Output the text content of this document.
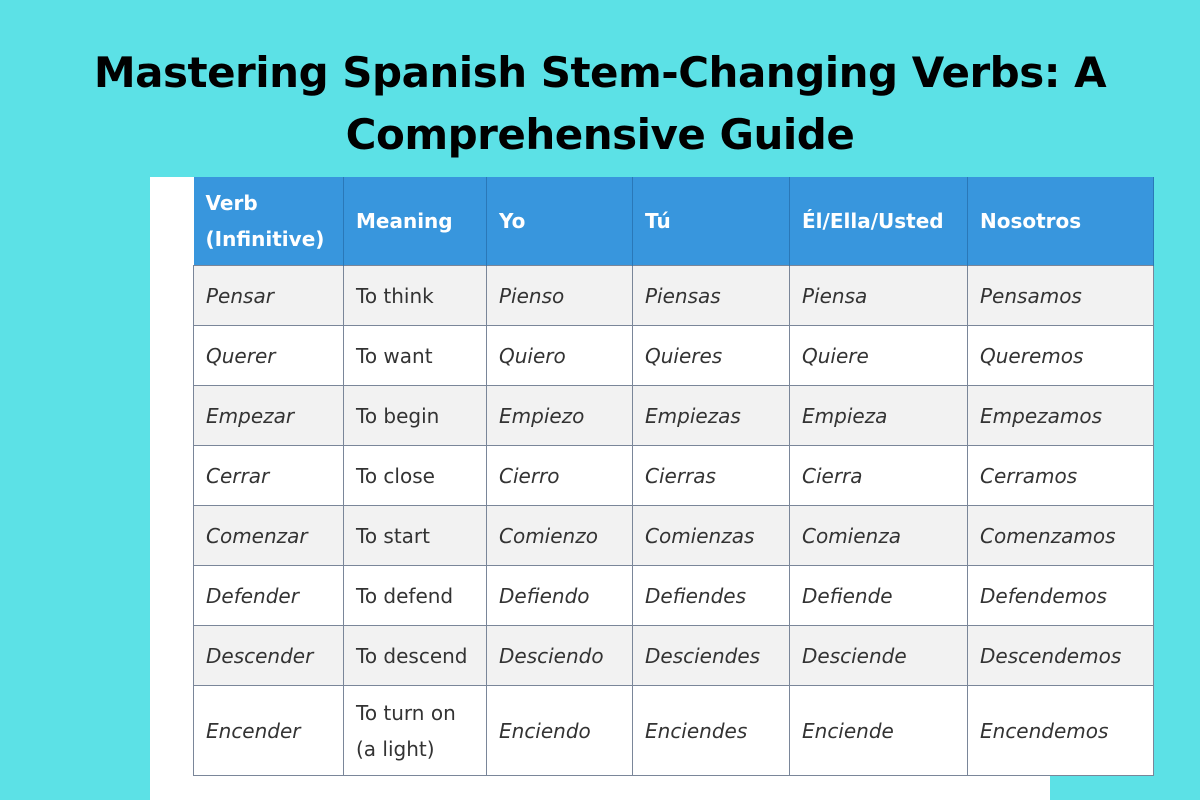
Mastering Spanish Stem-Changing Verbs: A Comprehensive Guide
Verb (Infinitive)	Meaning	Yo	Tú	Él/Ella/Usted	Nosotros
Pensar	To think	Pienso	Piensas	Piensa	Pensamos
Querer	To want	Quiero	Quieres	Quiere	Queremos
Empezar	To begin	Empiezo	Empiezas	Empieza	Empezamos
Cerrar	To close	Cierro	Cierras	Cierra	Cerramos
Comenzar	To start	Comienzo	Comienzas	Comienza	Comenzamos
Defender	To defend	Defiendo	Defiendes	Defiende	Defendemos
Descender	To descend	Desciendo	Desciendes	Desciende	Descendemos
Encender	To turn on (a light)	Enciendo	Enciendes	Enciende	Encendemos
